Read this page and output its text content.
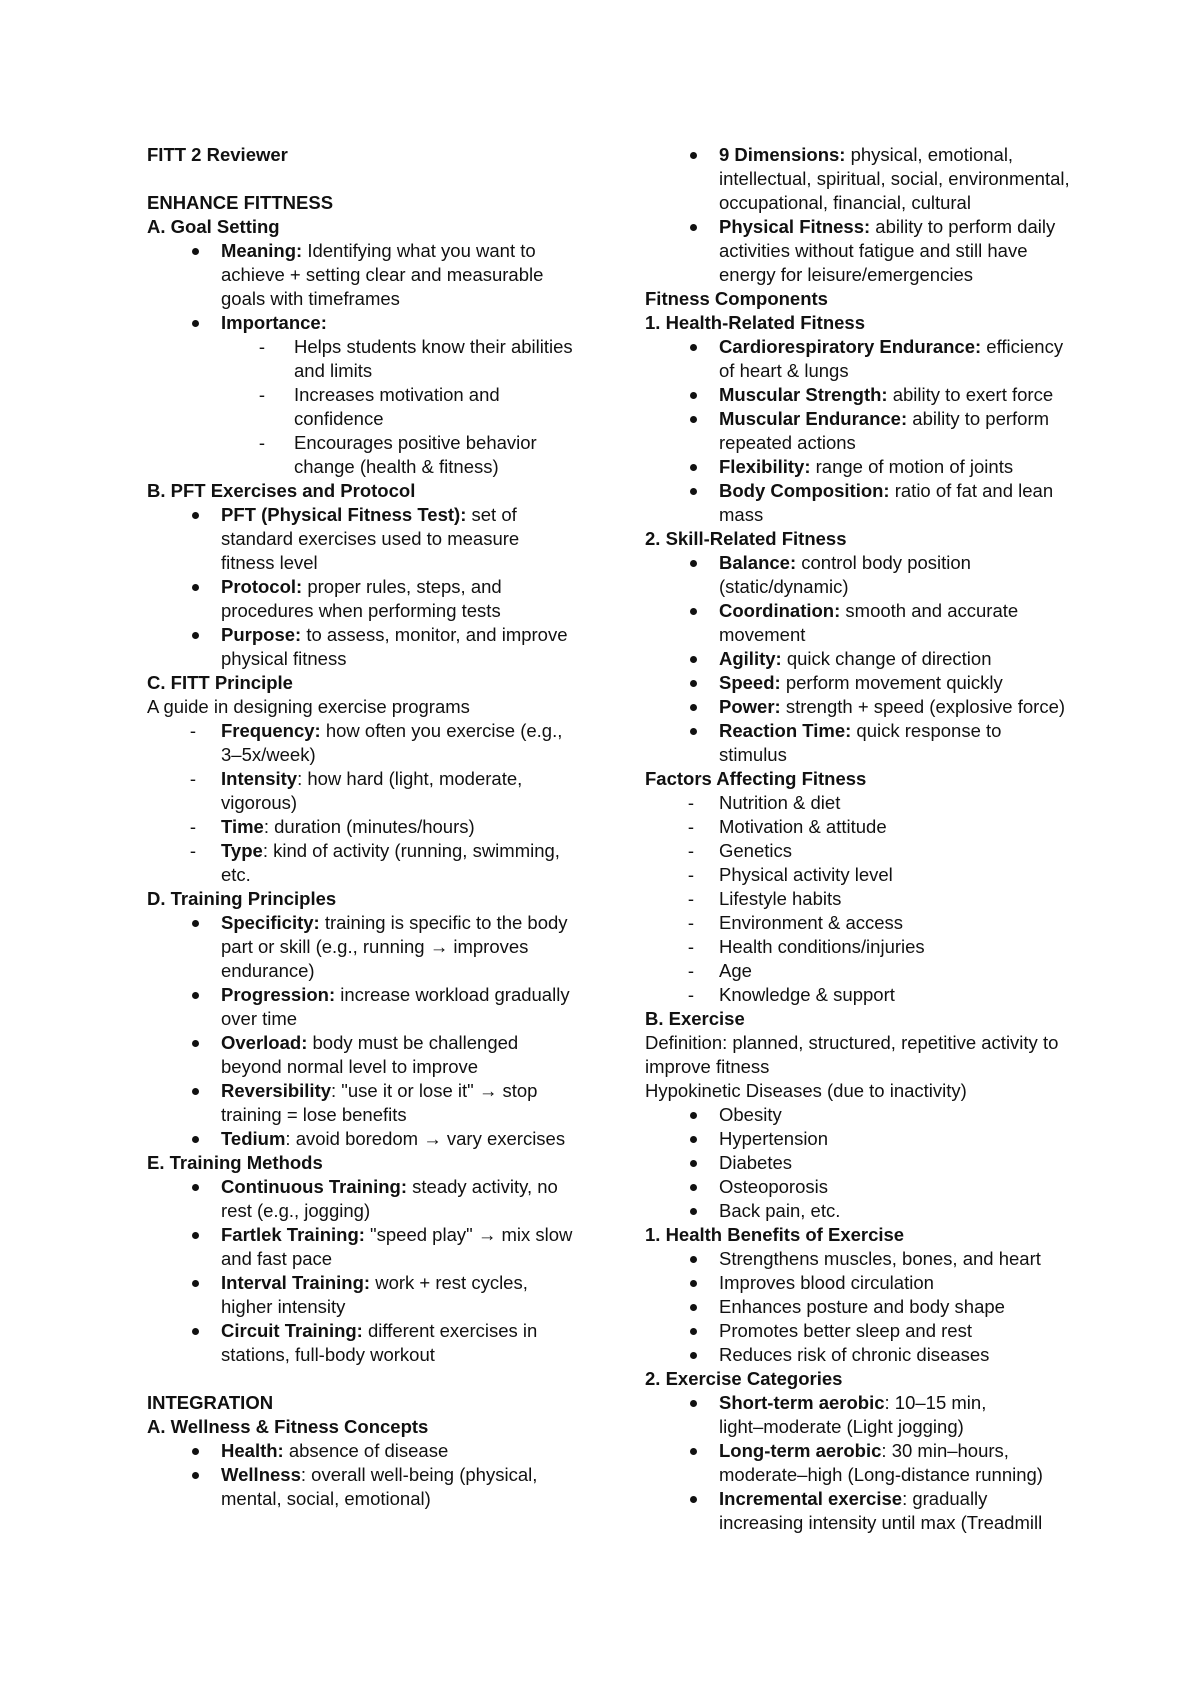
FITT 2 Reviewer
ENHANCE FITTNESS
A. Goal Setting
Meaning: Identifying what you want to
achieve + setting clear and measurable
goals with timeframes
Importance:
- Helps students know their abilities
and limits
- Increases motivation and
confidence
- Encourages positive behavior
change (health & fitness)
B. PFT Exercises and Protocol
PFT (Physical Fitness Test): set of
standard exercises used to measure
fitness level
Protocol: proper rules, steps, and
procedures when performing tests
Purpose: to assess, monitor, and improve
physical fitness
C. FITT Principle
A guide in designing exercise programs
-	Frequency: how often you exercise (e.g.,
3–5x/week)
-	Intensity: how hard (light, moderate,
vigorous)
-	Time: duration (minutes/hours)
-	Type: kind of activity (running, swimming,
etc.
D. Training Principles
Specificity: training is specific to the body
part or skill (e.g., running → improves
endurance)
Progression: increase workload gradually
over time
Overload: body must be challenged
beyond normal level to improve
Reversibility: "use it or lose it" → stop
training = lose benefits
Tedium: avoid boredom → vary exercises
E. Training Methods
Continuous Training: steady activity, no
rest (e.g., jogging)
Fartlek Training: "speed play" → mix slow
and fast pace
Interval Training: work + rest cycles,
higher intensity
Circuit Training: different exercises in
stations, full-body workout
INTEGRATION
A. Wellness & Fitness Concepts
Health: absence of disease
Wellness: overall well-being (physical,
mental, social, emotional)
9 Dimensions: physical, emotional,
intellectual, spiritual, social, environmental,
occupational, financial, cultural
Physical Fitness: ability to perform daily
activities without fatigue and still have
energy for leisure/emergencies
Fitness Components
1. Health-Related Fitness
Cardiorespiratory Endurance: efficiency
of heart & lungs
Muscular Strength: ability to exert force
Muscular Endurance: ability to perform
repeated actions
Flexibility: range of motion of joints
Body Composition: ratio of fat and lean
mass
2. Skill-Related Fitness
Balance: control body position
(static/dynamic)
Coordination: smooth and accurate
movement
Agility: quick change of direction
Speed: perform movement quickly
Power: strength + speed (explosive force)
Reaction Time: quick response to
stimulus
Factors Affecting Fitness
-	Nutrition & diet
-	Motivation & attitude
-	Genetics
-	Physical activity level
-	Lifestyle habits
-	Environment & access
-	Health conditions/injuries
-	Age
-	Knowledge & support
B. Exercise
Definition: planned, structured, repetitive activity to
improve fitness
Hypokinetic Diseases (due to inactivity)
Obesity
Hypertension
Diabetes
Osteoporosis
Back pain, etc.
1. Health Benefits of Exercise
Strengthens muscles, bones, and heart
Improves blood circulation
Enhances posture and body shape
Promotes better sleep and rest
Reduces risk of chronic diseases
2. Exercise Categories
Short-term aerobic: 10–15 min,
light–moderate (Light jogging)
Long-term aerobic: 30 min–hours,
moderate–high (Long-distance running)
Incremental exercise: gradually
increasing intensity until max (Treadmill
